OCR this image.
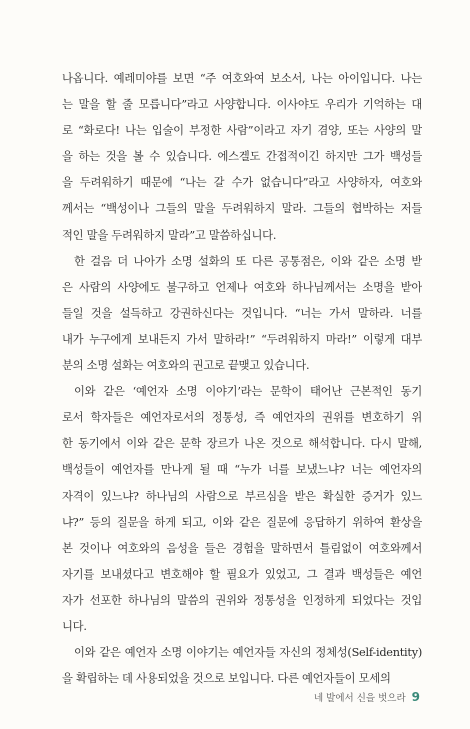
나옵니다. 예레미야를 보면 “주 여호와여 보소서, 나는 아이입니다. 나는
는 말을 할 줄 모릅니다”라고 사양합니다. 이사야도 우리가 기억하는 대
로 “화로다! 나는 입술이 부정한 사람”이라고 자기 겸양, 또는 사양의 말
을 하는 것을 볼 수 있습니다. 에스겔도 간접적이긴 하지만 그가 백성들
을 두려워하기 때문에 “나는 갈 수가 없습니다”라고 사양하자, 여호와
께서는 “백성이나 그들의 말을 두려워하지 말라. 그들의 협박하는 저들
적인 말을 두려워하지 말라”고 말씀하십니다.
한 걸음 더 나아가 소명 설화의 또 다른 공통점은, 이와 같은 소명 받
은 사람의 사양에도 불구하고 언제나 여호와 하나님께서는 소명을 받아
들일 것을 설득하고 강권하신다는 것입니다. “너는 가서 말하라. 너를
내가 누구에게 보내든지 가서 말하라!” “두려워하지 마라!” 이렇게 대부
분의 소명 설화는 여호와의 권고로 끝맺고 있습니다.
이와 같은 ‘예언자 소명 이야기’라는 문학이 태어난 근본적인 동기
로서 학자들은 예언자로서의 정통성, 즉 예언자의 권위를 변호하기 위
한 동기에서 이와 같은 문학 장르가 나온 것으로 해석합니다. 다시 말해,
백성들이 예언자를 만나게 될 때 “누가 너를 보냈느냐? 너는 예언자의
자격이 있느냐? 하나님의 사람으로 부르심을 받은 확실한 증거가 있느
냐?” 등의 질문을 하게 되고, 이와 같은 질문에 응답하기 위하여 환상을
본 것이나 여호와의 음성을 들은 경험을 말하면서 틀림없이 여호와께서
자기를 보내셨다고 변호해야 할 필요가 있었고, 그 결과 백성들은 예언
자가 선포한 하나님의 말씀의 권위와 정통성을 인정하게 되었다는 것입
니다.
이와 같은 예언자 소명 이야기는 예언자들 자신의 정체성(Self-identity)
을 확립하는 데 사용되었을 것으로 보입니다. 다른 예언자들이 모세의
네 발에서 신을 벗으라 9
